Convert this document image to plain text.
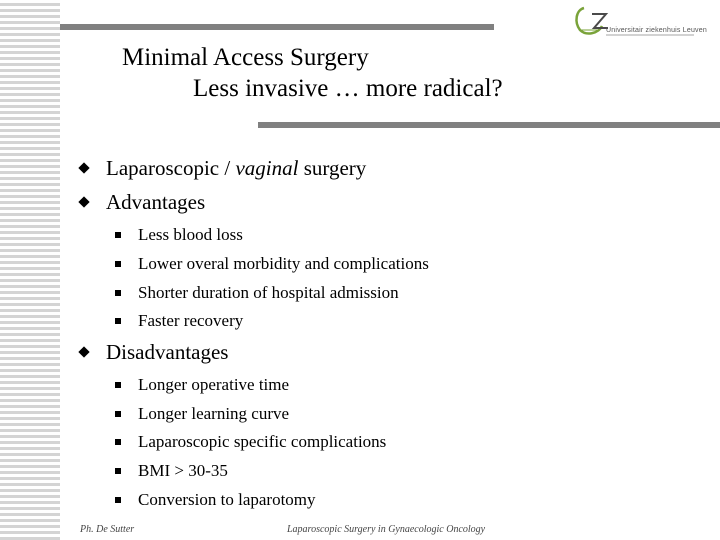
Universitair ziekenhuis Leuven
Minimal Access Surgery
Less invasive … more radical?
Laparoscopic / vaginal surgery
Advantages
Less blood loss
Lower overal morbidity and complications
Shorter duration of hospital admission
Faster recovery
Disadvantages
Longer operative time
Longer learning curve
Laparoscopic specific complications
BMI > 30-35
Conversion to laparotomy
Ph. De Sutter	Laparoscopic Surgery in Gynaecologic Oncology
